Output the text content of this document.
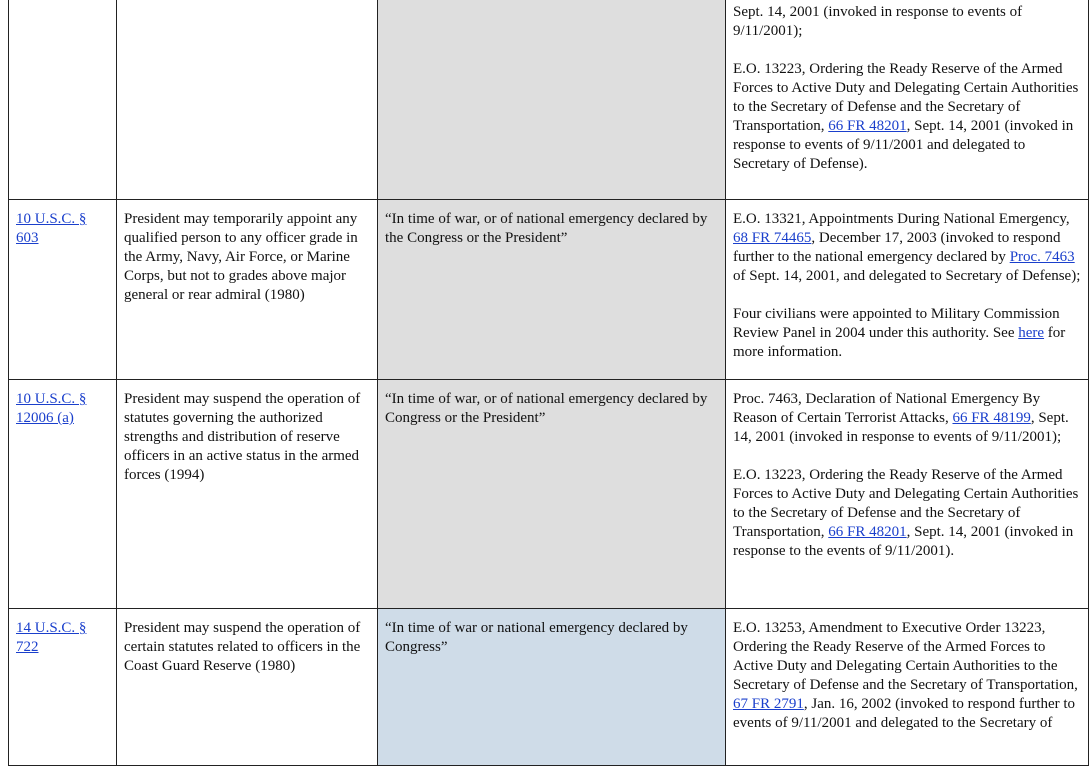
			Sept. 14, 2001 (invoked in response to events of 9/11/2001);

E.O. 13223, Ordering the Ready Reserve of the Armed Forces to Active Duty and Delegating Certain Authorities to the Secretary of Defense and the Secretary of Transportation, 66 FR 48201, Sept. 14, 2001 (invoked in response to events of 9/11/2001 and delegated to Secretary of Defense).

10 U.S.C. § 603	President may temporarily appoint any qualified person to any officer grade in the Army, Navy, Air Force, or Marine Corps, but not to grades above major general or rear admiral (1980)	“In time of war, or of national emergency declared by the Congress or the President”	E.O. 13321, Appointments During National Emergency, 68 FR 74465, December 17, 2003 (invoked to respond further to the national emergency declared by Proc. 7463 of Sept. 14, 2001, and delegated to Secretary of Defense);

Four civilians were appointed to Military Commission Review Panel in 2004 under this authority. See here for more information.

10 U.S.C. § 12006 (a)	President may suspend the operation of statutes governing the authorized strengths and distribution of reserve officers in an active status in the armed forces (1994)	“In time of war, or of national emergency declared by Congress or the President”	Proc. 7463, Declaration of National Emergency By Reason of Certain Terrorist Attacks, 66 FR 48199, Sept. 14, 2001 (invoked in response to events of 9/11/2001);

E.O. 13223, Ordering the Ready Reserve of the Armed Forces to Active Duty and Delegating Certain Authorities to the Secretary of Defense and the Secretary of Transportation, 66 FR 48201, Sept. 14, 2001 (invoked in response to the events of 9/11/2001).

14 U.S.C. § 722	President may suspend the operation of certain statutes related to officers in the Coast Guard Reserve (1980)	“In time of war or national emergency declared by Congress”	E.O. 13253, Amendment to Executive Order 13223, Ordering the Ready Reserve of the Armed Forces to Active Duty and Delegating Certain Authorities to the Secretary of Defense and the Secretary of Transportation, 67 FR 2791, Jan. 16, 2002 (invoked to respond further to events of 9/11/2001 and delegated to the Secretary of
